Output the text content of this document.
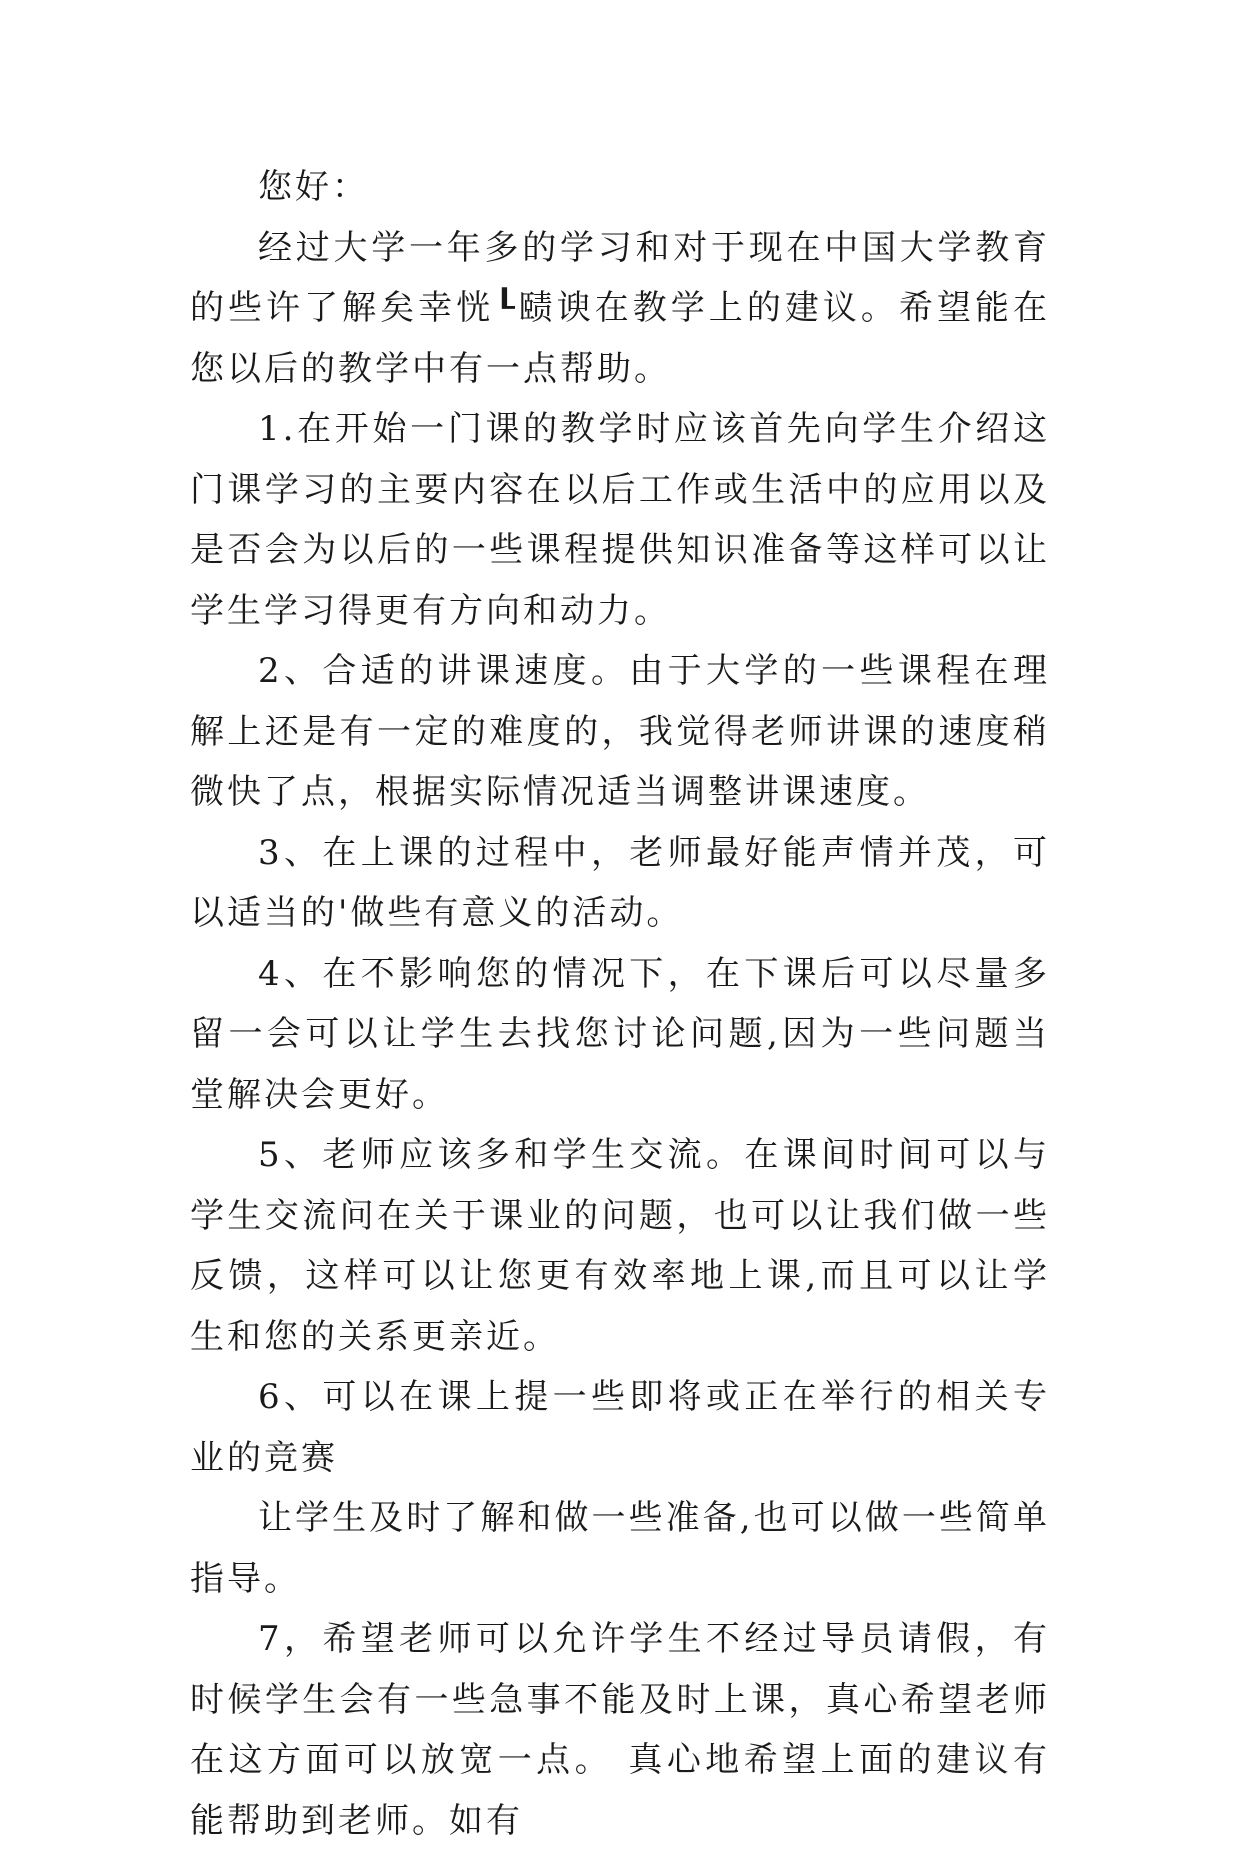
您好：

经过大学一年多的学习和对于现在中国大学教育的些许了解矣幸恍┖赜谀在教学上的建议。希望能在您以后的教学中有一点帮助。

1.在开始一门课的教学时应该首先向学生介绍这门课学习的主要内容在以后工作或生活中的应用以及是否会为以后的一些课程提供知识准备等这样可以让学生学习得更有方向和动力。

2、合适的讲课速度。由于大学的一些课程在理解上还是有一定的难度的，我觉得老师讲课的速度稍微快了点，根据实际情况适当调整讲课速度。

3、在上课的过程中，老师最好能声情并茂，可以适当的'做些有意义的活动。

4、在不影响您的情况下，在下课后可以尽量多留一会可以让学生去找您讨论问题,因为一些问题当堂解决会更好。

5、老师应该多和学生交流。在课间时间可以与学生交流问在关于课业的问题，也可以让我们做一些反馈，这样可以让您更有效率地上课,而且可以让学生和您的关系更亲近。

6、可以在课上提一些即将或正在举行的相关专业的竞赛

让学生及时了解和做一些准备,也可以做一些简单指导。

7，希望老师可以允许学生不经过导员请假，有时候学生会有一些急事不能及时上课，真心希望老师在这方面可以放宽一点。 真心地希望上面的建议有能帮助到老师。如有
